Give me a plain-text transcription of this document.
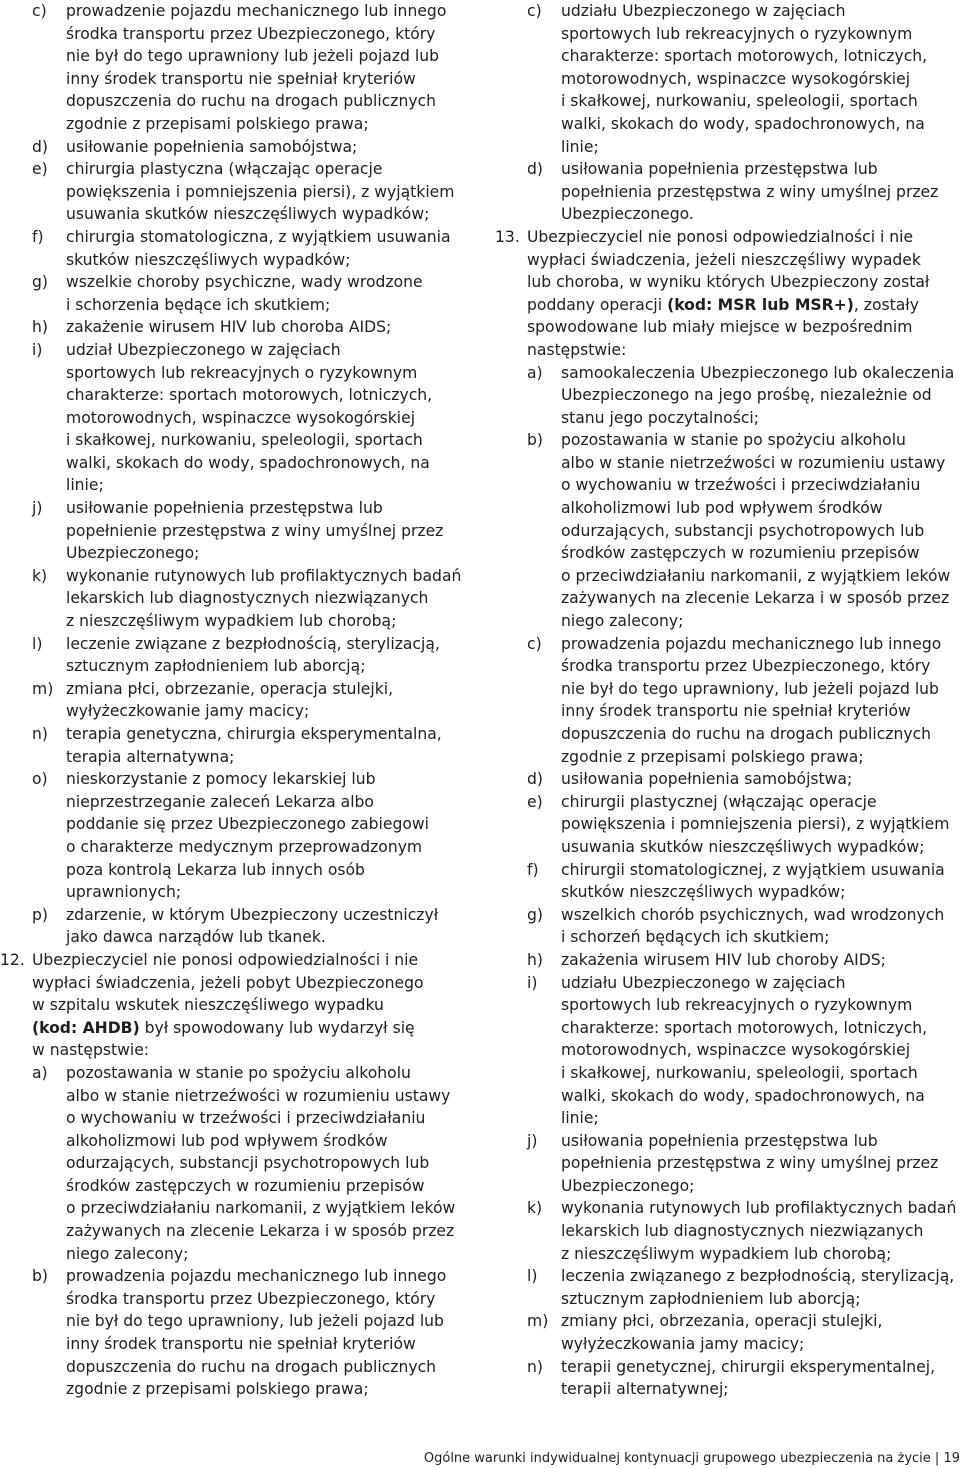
c) prowadzenie pojazdu mechanicznego lub innego
środka transportu przez Ubezpieczonego, który
nie był do tego uprawniony lub jeżeli pojazd lub
inny środek transportu nie spełniał kryteriów
dopuszczenia do ruchu na drogach publicznych
zgodnie z przepisami polskiego prawa;
d) usiłowanie popełnienia samobójstwa;
e) chirurgia plastyczna (włączając operacje
powiększenia i pomniejszenia piersi), z wyjątkiem
usuwania skutków nieszczęśliwych wypadków;
f) chirurgia stomatologiczna, z wyjątkiem usuwania
skutków nieszczęśliwych wypadków;
g) wszelkie choroby psychiczne, wady wrodzone
i schorzenia będące ich skutkiem;
h) zakażenie wirusem HIV lub choroba AIDS;
i) udział Ubezpieczonego w zajęciach
sportowych lub rekreacyjnych o ryzykownym
charakterze: sportach motorowych, lotniczych,
motorowodnych, wspinaczce wysokogórskiej
i skałkowej, nurkowaniu, speleologii, sportach
walki, skokach do wody, spadochronowych, na
linie;
j) usiłowanie popełnienia przestępstwa lub
popełnienie przestępstwa z winy umyślnej przez
Ubezpieczonego;
k) wykonanie rutynowych lub profilaktycznych badań
lekarskich lub diagnostycznych niezwiązanych
z nieszczęśliwym wypadkiem lub chorobą;
l) leczenie związane z bezpłodnością, sterylizacją,
sztucznym zapłodnieniem lub aborcją;
m) zmiana płci, obrzezanie, operacja stulejki,
wyłyżeczkowanie jamy macicy;
n) terapia genetyczna, chirurgia eksperymentalna,
terapia alternatywna;
o) nieskorzystanie z pomocy lekarskiej lub
nieprzestrzeganie zaleceń Lekarza albo
poddanie się przez Ubezpieczonego zabiegowi
o charakterze medycznym przeprowadzonym
poza kontrolą Lekarza lub innych osób
uprawnionych;
p) zdarzenie, w którym Ubezpieczony uczestniczył
jako dawca narządów lub tkanek.
12. Ubezpieczyciel nie ponosi odpowiedzialności i nie
wypłaci świadczenia, jeżeli pobyt Ubezpieczonego
w szpitalu wskutek nieszczęśliwego wypadku
(kod: AHDB) był spowodowany lub wydarzył się
w następstwie:
a) pozostawania w stanie po spożyciu alkoholu
albo w stanie nietrzeźwości w rozumieniu ustawy
o wychowaniu w trzeźwości i przeciwdziałaniu
alkoholizmowi lub pod wpływem środków
odurzających, substancji psychotropowych lub
środków zastępczych w rozumieniu przepisów
o przeciwdziałaniu narkomanii, z wyjątkiem leków
zażywanych na zlecenie Lekarza i w sposób przez
niego zalecony;
b) prowadzenia pojazdu mechanicznego lub innego
środka transportu przez Ubezpieczonego, który
nie był do tego uprawniony, lub jeżeli pojazd lub
inny środek transportu nie spełniał kryteriów
dopuszczenia do ruchu na drogach publicznych
zgodnie z przepisami polskiego prawa;
c) udziału Ubezpieczonego w zajęciach
sportowych lub rekreacyjnych o ryzykownym
charakterze: sportach motorowych, lotniczych,
motorowodnych, wspinaczce wysokogórskiej
i skałkowej, nurkowaniu, speleologii, sportach
walki, skokach do wody, spadochronowych, na
linie;
d) usiłowania popełnienia przestępstwa lub
popełnienia przestępstwa z winy umyślnej przez
Ubezpieczonego.
13. Ubezpieczyciel nie ponosi odpowiedzialności i nie
wypłaci świadczenia, jeżeli nieszczęśliwy wypadek
lub choroba, w wyniku których Ubezpieczony został
poddany operacji (kod: MSR lub MSR+), zostały
spowodowane lub miały miejsce w bezpośrednim
następstwie:
a) samookaleczenia Ubezpieczonego lub okaleczenia
Ubezpieczonego na jego prośbę, niezależnie od
stanu jego poczytalności;
b) pozostawania w stanie po spożyciu alkoholu
albo w stanie nietrzeźwości w rozumieniu ustawy
o wychowaniu w trzeźwości i przeciwdziałaniu
alkoholizmowi lub pod wpływem środków
odurzających, substancji psychotropowych lub
środków zastępczych w rozumieniu przepisów
o przeciwdziałaniu narkomanii, z wyjątkiem leków
zażywanych na zlecenie Lekarza i w sposób przez
niego zalecony;
c) prowadzenia pojazdu mechanicznego lub innego
środka transportu przez Ubezpieczonego, który
nie był do tego uprawniony, lub jeżeli pojazd lub
inny środek transportu nie spełniał kryteriów
dopuszczenia do ruchu na drogach publicznych
zgodnie z przepisami polskiego prawa;
d) usiłowania popełnienia samobójstwa;
e) chirurgii plastycznej (włączając operacje
powiększenia i pomniejszenia piersi), z wyjątkiem
usuwania skutków nieszczęśliwych wypadków;
f) chirurgii stomatologicznej, z wyjątkiem usuwania
skutków nieszczęśliwych wypadków;
g) wszelkich chorób psychicznych, wad wrodzonych
i schorzeń będących ich skutkiem;
h) zakażenia wirusem HIV lub choroby AIDS;
i) udziału Ubezpieczonego w zajęciach
sportowych lub rekreacyjnych o ryzykownym
charakterze: sportach motorowych, lotniczych,
motorowodnych, wspinaczce wysokogórskiej
i skałkowej, nurkowaniu, speleologii, sportach
walki, skokach do wody, spadochronowych, na
linie;
j) usiłowania popełnienia przestępstwa lub
popełnienia przestępstwa z winy umyślnej przez
Ubezpieczonego;
k) wykonania rutynowych lub profilaktycznych badań
lekarskich lub diagnostycznych niezwiązanych
z nieszczęśliwym wypadkiem lub chorobą;
l) leczenia związanego z bezpłodnością, sterylizacją,
sztucznym zapłodnieniem lub aborcją;
m) zmiany płci, obrzezania, operacji stulejki,
wyłyżeczkowania jamy macicy;
n) terapii genetycznej, chirurgii eksperymentalnej,
terapii alternatywnej;
Ogólne warunki indywidualnej kontynuacji grupowego ubezpieczenia na życie | 19
